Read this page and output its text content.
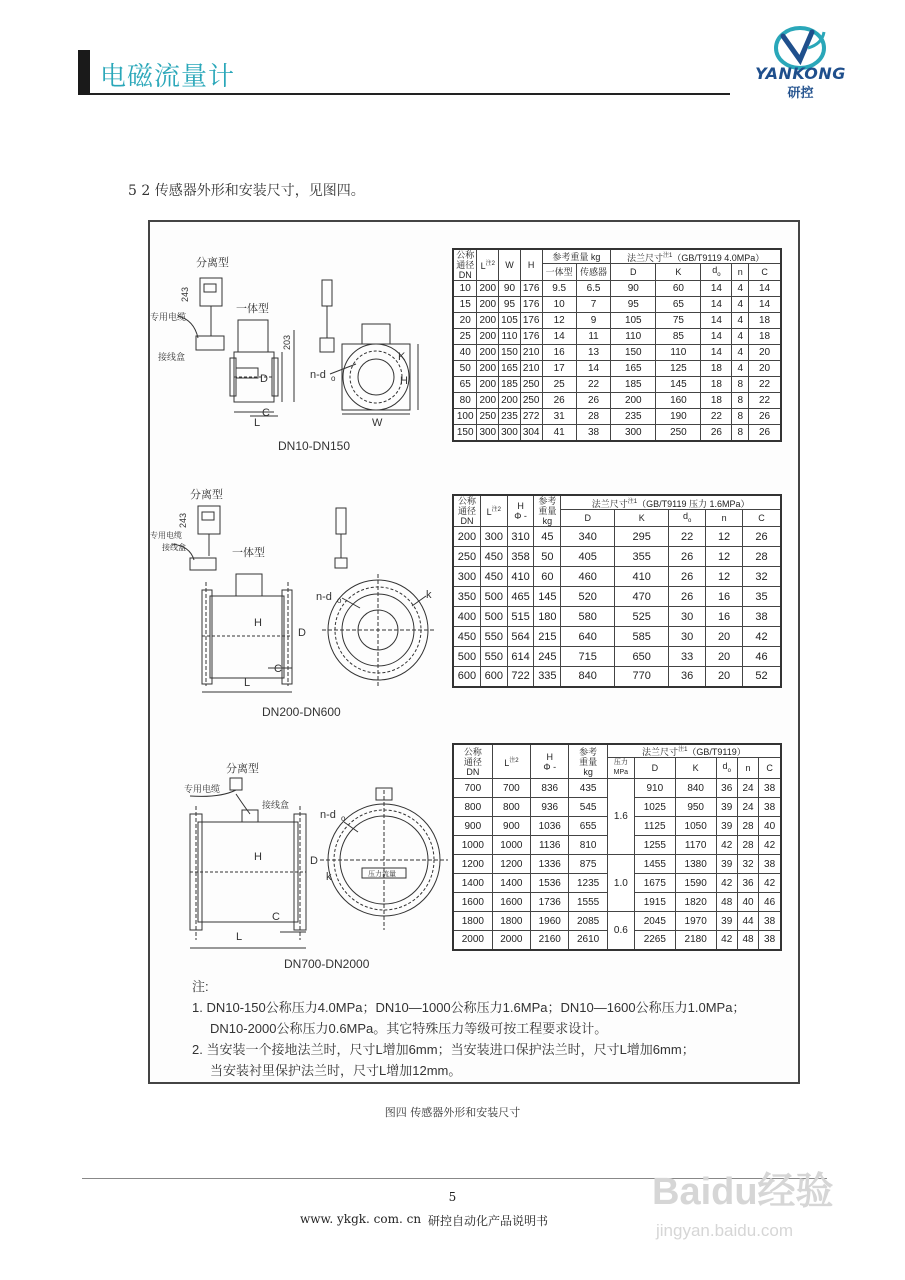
电磁流量计	YANKONG
研控
5 2 传感器外形和安装尺寸，见图四。
分离型
一体型
专用电缆
接线盒
243
203
D	H
L
C
W
K
n-d o
DN10-DN150
公称
通径
DN	$L^{注2}$	W	H	参考重量 kg		法兰尺寸$^{注1}$（GB/T9119 4.0MPa）				
				一体型	传感器	D	K	$d_o$	n	C
10	200	90	176	9.5	6.5	90	60	14	4	14
15	200	95	176	10	7	95	65	14	4	14
20	200	105	176	12	9	105	75	14	4	18
25	200	110	176	14	11	110	85	14	4	18
40	200	150	210	16	13	150	110	14	4	20
50	200	165	210	17	14	165	125	18	4	20
65	200	185	250	25	22	185	145	18	8	22
80	200	200	250	26	26	200	160	18	8	22
100	250	235	272	31	28	235	190	22	8	26
150	300	300	304	41	38	300	250	26	8	26
分离型
一体型
专用电缆
接线盒
243
n-d o	k
H
D
L
C
DN200-DN600
公称
通径
DN	$L^{注2}$	H
Φ -	参考
重量
kg	法兰尺寸$^{注1}$（GB/T9119 压力 1.6MPa）				
				D	K	$d_o$	n	C
200	300	310	45	340	295	22	12	26
250	450	358	50	405	355	26	12	28
300	450	410	60	460	410	26	12	32
350	500	465	145	520	470	26	16	35
400	500	515	180	580	525	30	16	38
450	550	564	215	640	585	30	20	42
500	550	614	245	715	650	33	20	46
600	600	722	335	840	770	36	20	52
分离型
专用电缆
接线盒
n-d o
k
H	D
L
C
压力流量
DN700-DN2000
公称
通径
DN	$L^{注2}$	H
Φ -	参考
重量
kg	法兰尺寸$^{注1}$（GB/T9119）					
				压力
MPa	D	K	$d_o$	n	C
700	700	836	435	1.6	910	840	36	24	38
800	800	936	545		1025	950	39	24	38
900	900	1036	655		1125	1050	39	28	40
1000	1000	1136	810		1255	1170	42	28	42
1200	1200	1336	875	1.0	1455	1380	39	32	38
1400	1400	1536	1235		1675	1590	42	36	42
1600	1600	1736	1555		1915	1820	48	40	46
1800	1800	1960	2085	0.6	2045	1970	39	44	38
2000	2000	2160	2610		2265	2180	42	48	38
注:
1. DN10-150公称压力4.0MPa；DN10—1000公称压力1.6MPa；DN10—1600公称压力1.0MPa；
DN10-2000公称压力0.6MPa。其它特殊压力等级可按工程要求设计。
2. 当安装一个接地法兰时，尺寸L增加6mm；当安装进口保护法兰时，尺寸L增加6mm；
当安装衬里保护法兰时，尺寸L增加12mm。
图四 传感器外形和安装尺寸
5
www. ykgk. com. cn 研控自动化产品说明书
Baidu经验
jingyan.baidu.com
